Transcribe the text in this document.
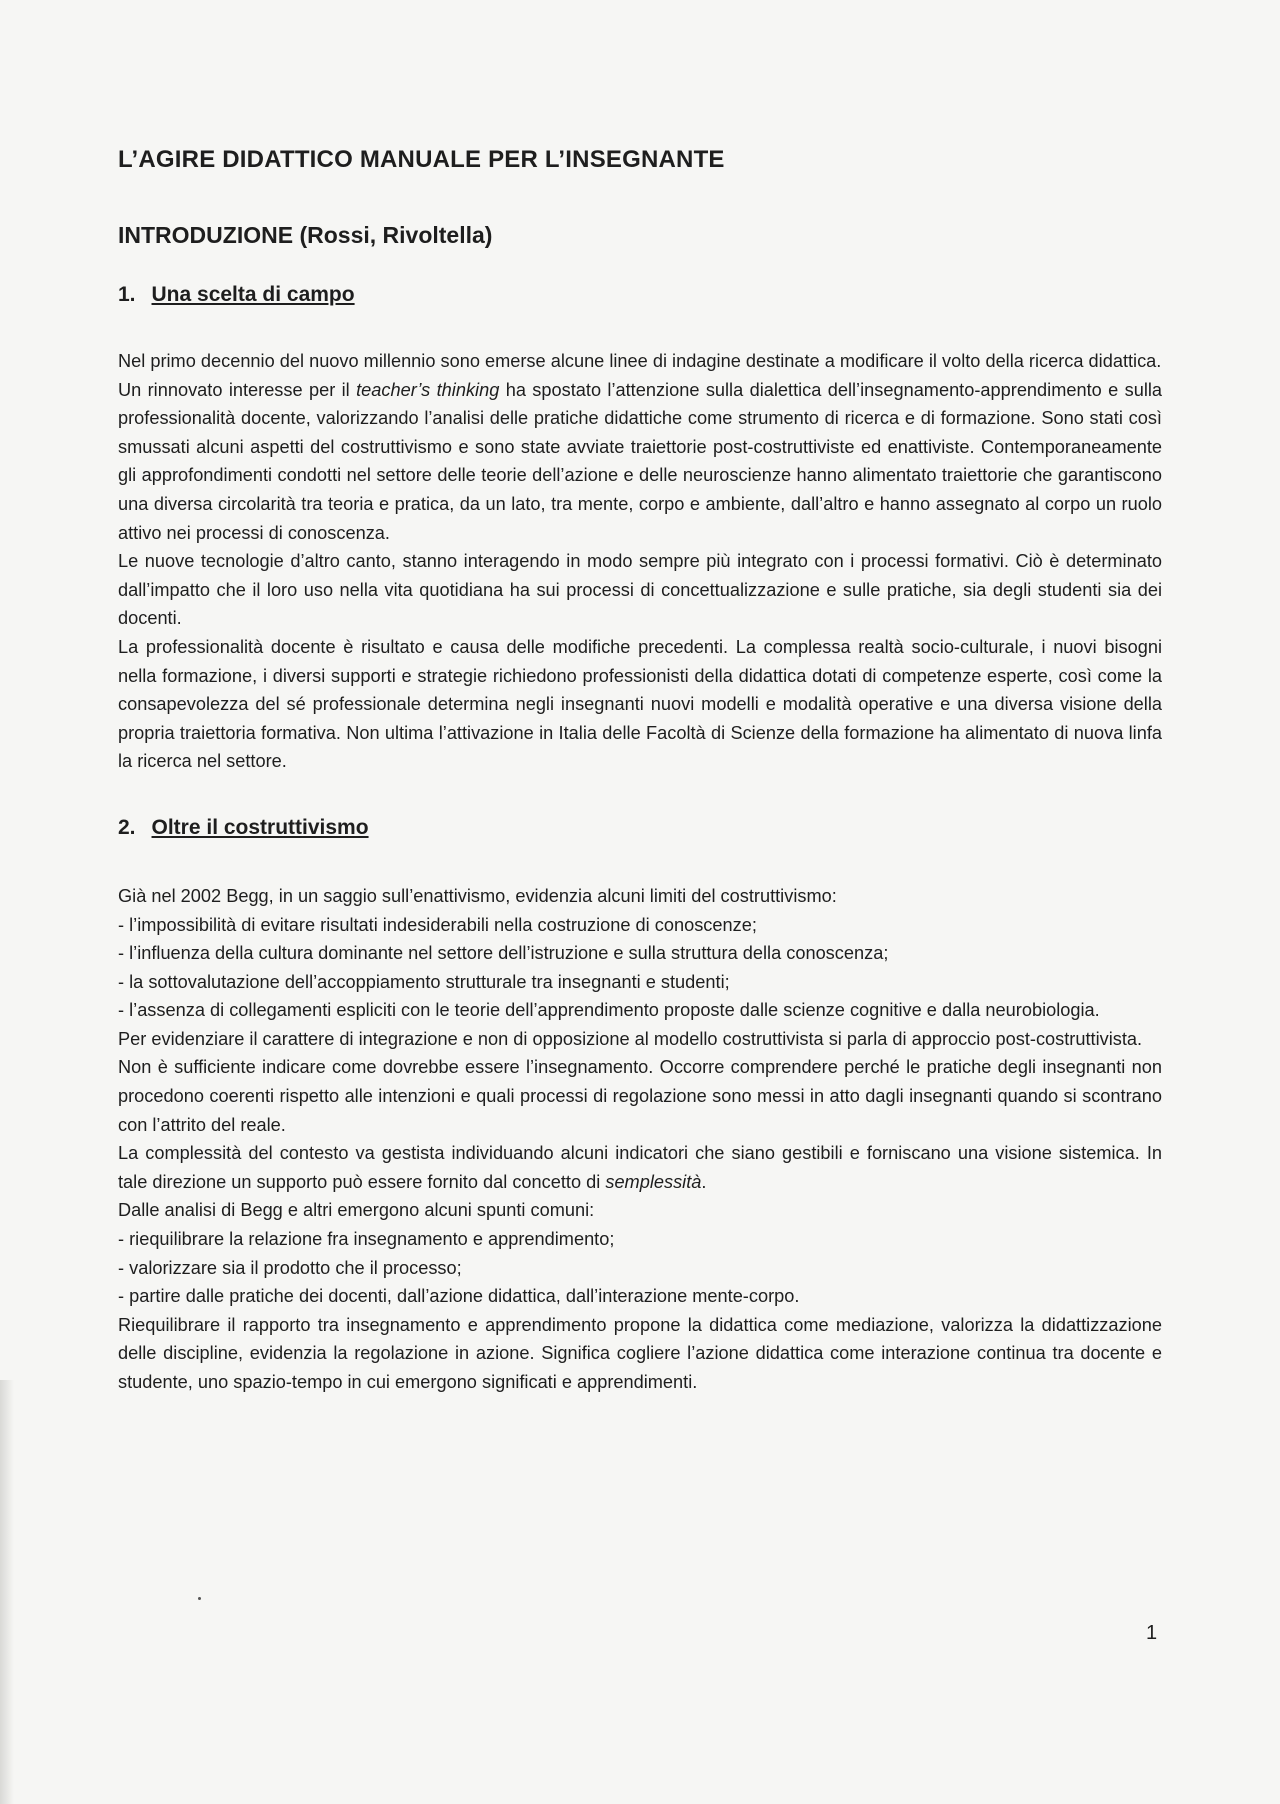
L’AGIRE DIDATTICO MANUALE PER L’INSEGNANTE
INTRODUZIONE (Rossi, Rivoltella)
1. Una scelta di campo

Nel primo decennio del nuovo millennio sono emerse alcune linee di indagine destinate a modificare il volto della ricerca didattica.

Un rinnovato interesse per il teacher’s thinking ha spostato l’attenzione sulla dialettica dell’insegnamento-apprendimento e sulla professionalità docente, valorizzando l’analisi delle pratiche didattiche come strumento di ricerca e di formazione. Sono stati così smussati alcuni aspetti del costruttivismo e sono state avviate traiettorie post-costruttiviste ed enattiviste. Contemporaneamente gli approfondimenti condotti nel settore delle teorie dell’azione e delle neuroscienze hanno alimentato traiettorie che garantiscono una diversa circolarità tra teoria e pratica, da un lato, tra mente, corpo e ambiente, dall’altro e hanno assegnato al corpo un ruolo attivo nei processi di conoscenza.

Le nuove tecnologie d’altro canto, stanno interagendo in modo sempre più integrato con i processi formativi. Ciò è determinato dall’impatto che il loro uso nella vita quotidiana ha sui processi di concettualizzazione e sulle pratiche, sia degli studenti sia dei docenti.

La professionalità docente è risultato e causa delle modifiche precedenti. La complessa realtà socio-culturale, i nuovi bisogni nella formazione, i diversi supporti e strategie richiedono professionisti della didattica dotati di competenze esperte, così come la consapevolezza del sé professionale determina negli insegnanti nuovi modelli e modalità operative e una diversa visione della propria traiettoria formativa. Non ultima l’attivazione in Italia delle Facoltà di Scienze della formazione ha alimentato di nuova linfa la ricerca nel settore.

2. Oltre il costruttivismo

Già nel 2002 Begg, in un saggio sull’enattivismo, evidenzia alcuni limiti del costruttivismo:

- l’impossibilità di evitare risultati indesiderabili nella costruzione di conoscenze;

- l’influenza della cultura dominante nel settore dell’istruzione e sulla struttura della conoscenza;

- la sottovalutazione dell’accoppiamento strutturale tra insegnanti e studenti;

- l’assenza di collegamenti espliciti con le teorie dell’apprendimento proposte dalle scienze cognitive e dalla neurobiologia.

Per evidenziare il carattere di integrazione e non di opposizione al modello costruttivista si parla di approccio post-costruttivista.

Non è sufficiente indicare come dovrebbe essere l’insegnamento. Occorre comprendere perché le pratiche degli insegnanti non procedono coerenti rispetto alle intenzioni e quali processi di regolazione sono messi in atto dagli insegnanti quando si scontrano con l’attrito del reale.

La complessità del contesto va gestista individuando alcuni indicatori che siano gestibili e forniscano una visione sistemica. In tale direzione un supporto può essere fornito dal concetto di semplessità.

Dalle analisi di Begg e altri emergono alcuni spunti comuni:

- riequilibrare la relazione fra insegnamento e apprendimento;

- valorizzare sia il prodotto che il processo;

- partire dalle pratiche dei docenti, dall’azione didattica, dall’interazione mente-corpo.

Riequilibrare il rapporto tra insegnamento e apprendimento propone la didattica come mediazione, valorizza la didattizzazione delle discipline, evidenzia la regolazione in azione. Significa cogliere l’azione didattica come interazione continua tra docente e studente, uno spazio-tempo in cui emergono significati e apprendimenti.

1
